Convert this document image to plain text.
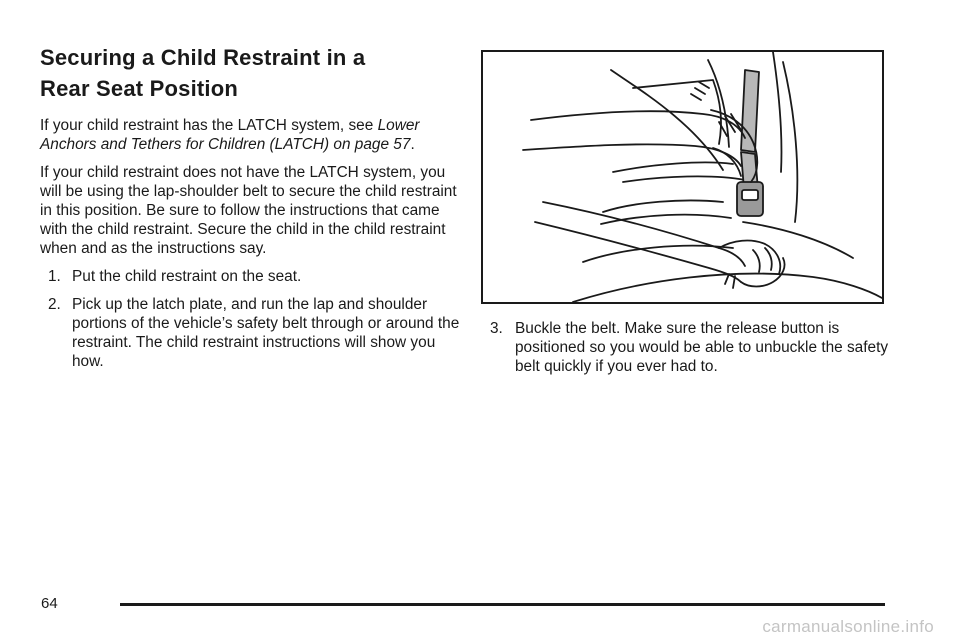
Securing a Child Restraint in a
Rear Seat Position

If your child restraint has the LATCH system, see Lower Anchors and Tethers for Children (LATCH) on page 57.

If your child restraint does not have the LATCH system, you will be using the lap-shoulder belt to secure the child restraint in this position. Be sure to follow the instructions that came with the child restraint. Secure the child in the child restraint when and as the instructions say.

1. Put the child restraint on the seat.
2. Pick up the latch plate, and run the lap and shoulder portions of the vehicle’s safety belt through or around the restraint. The child restraint instructions will show you how.
3. Buckle the belt. Make sure the release button is positioned so you would be able to unbuckle the safety belt quickly if you ever had to.
64
carmanualsonline.info
